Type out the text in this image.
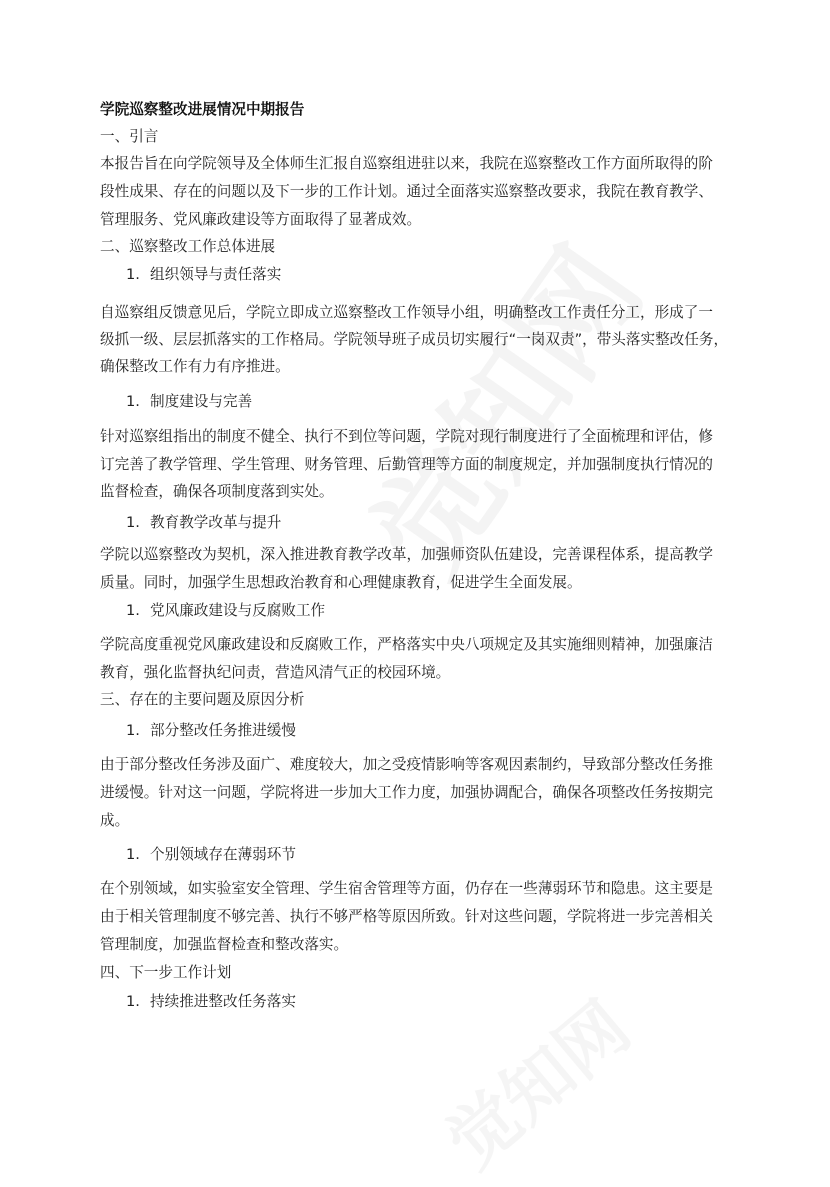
学院巡察整改进展情况中期报告
一、引言
本报告旨在向学院领导及全体师生汇报自巡察组进驻以来，我院在巡察整改工作方面所取得的阶
段性成果、存在的问题以及下一步的工作计划。通过全面落实巡察整改要求，我院在教育教学、
管理服务、党风廉政建设等方面取得了显著成效。
二、巡察整改工作总体进展
1. 组织领导与责任落实
自巡察组反馈意见后，学院立即成立巡察整改工作领导小组，明确整改工作责任分工，形成了一
级抓一级、层层抓落实的工作格局。学院领导班子成员切实履行“一岗双责”，带头落实整改任务，
确保整改工作有力有序推进。
1. 制度建设与完善
针对巡察组指出的制度不健全、执行不到位等问题，学院对现行制度进行了全面梳理和评估，修
订完善了教学管理、学生管理、财务管理、后勤管理等方面的制度规定，并加强制度执行情况的
监督检查，确保各项制度落到实处。
1. 教育教学改革与提升
学院以巡察整改为契机，深入推进教育教学改革，加强师资队伍建设，完善课程体系，提高教学
质量。同时，加强学生思想政治教育和心理健康教育，促进学生全面发展。
1. 党风廉政建设与反腐败工作
学院高度重视党风廉政建设和反腐败工作，严格落实中央八项规定及其实施细则精神，加强廉洁
教育，强化监督执纪问责，营造风清气正的校园环境。
三、存在的主要问题及原因分析
1. 部分整改任务推进缓慢
由于部分整改任务涉及面广、难度较大，加之受疫情影响等客观因素制约，导致部分整改任务推
进缓慢。针对这一问题，学院将进一步加大工作力度，加强协调配合，确保各项整改任务按期完
成。
1. 个别领域存在薄弱环节
在个别领域，如实验室安全管理、学生宿舍管理等方面，仍存在一些薄弱环节和隐患。这主要是
由于相关管理制度不够完善、执行不够严格等原因所致。针对这些问题，学院将进一步完善相关
管理制度，加强监督检查和整改落实。
四、下一步工作计划
1. 持续推进整改任务落实
